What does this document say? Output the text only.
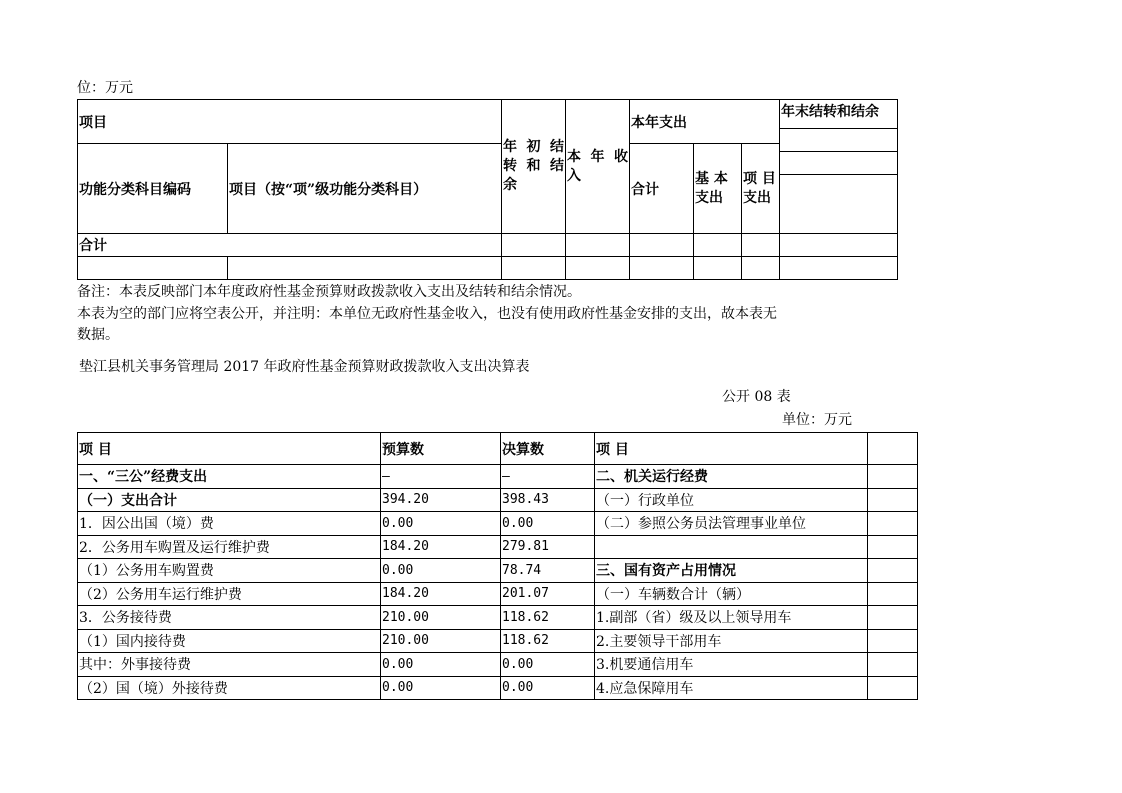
位：万元
项目		年 初 结 转 和 结 余	本 年 收 入	本年支出			年末结转和结余

功能分类科目编码	项目（按“项”级功能分类科目）			合计	基 本 支出	项 目 支出	
合计							

备注：本表反映部门本年度政府性基金预算财政拨款收入支出及结转和结余情况。
本表为空的部门应将空表公开，并注明：本单位无政府性基金收入，也没有使用政府性基金安排的支出，故本表无
数据。
垫江县机关事务管理局 2017 年政府性基金预算财政拨款收入支出决算表
公开 08 表
单位：万元
项 目	预算数	决算数	项 目	
一、“三公”经费支出	—	—	二、机关运行经费	
（一）支出合计	394.20	398.43	（一）行政单位	
1．因公出国（境）费	0.00	0.00	（二）参照公务员法管理事业单位	
2．公务用车购置及运行维护费	184.20	279.81		
（1）公务用车购置费	0.00	78.74	三、国有资产占用情况	
（2）公务用车运行维护费	184.20	201.07	（一）车辆数合计（辆）	
3．公务接待费	210.00	118.62	1.副部（省）级及以上领导用车	
（1）国内接待费	210.00	118.62	2.主要领导干部用车	
其中：外事接待费	0.00	0.00	3.机要通信用车	
（2）国（境）外接待费	0.00	0.00	4.应急保障用车	
